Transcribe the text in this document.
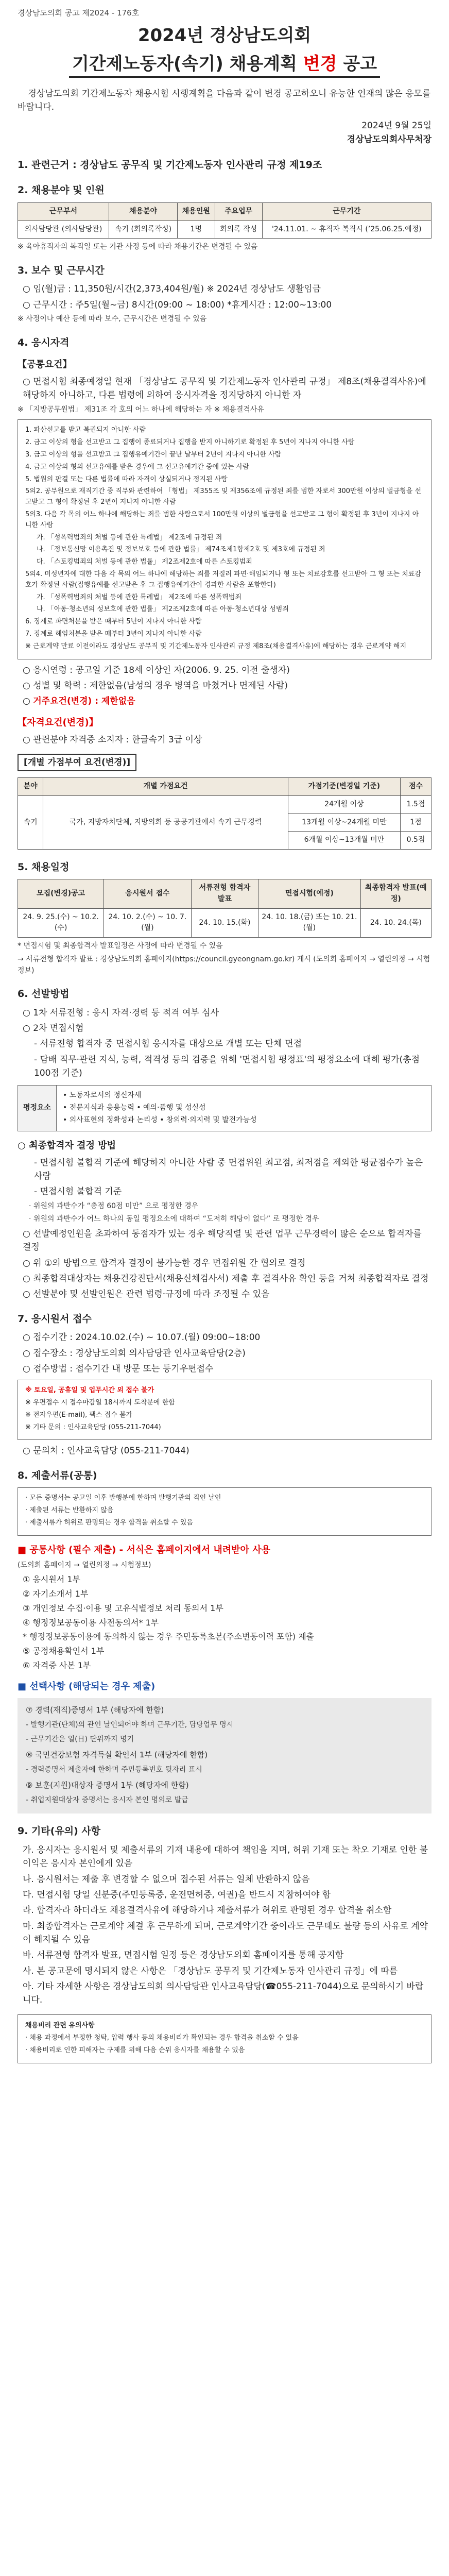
경상남도의회 공고 제2024 - 176호
2024년 경상남도의회
기간제노동자(속기) 채용계획 변경 공고

경상남도의회 기간제노동자 채용시험 시행계획을 다음과 같이 변경 공고하오니 유능한 인재의 많은 응모를 바랍니다.

2024년 9월 25일

경상남도의회사무처장

1. 관련근거 : 경상남도 공무직 및 기간제노동자 인사관리 규정 제19조
2. 채용분야 및 인원
근무부서	채용분야	채용인원	주요업무	근무기간
의사담당관 (의사담당관)	속기 (회의록작성)	1명	회의록 작성	'24.11.01. ~ 휴직자 복직시 (’25.06.25.예정)

※ 육아휴직자의 복직일 또는 기관 사정 등에 따라 채용기간은 변경될 수 있음

3. 보수 및 근무시간

○ 임(월)금 : 11,350원/시간(2,373,404원/월) ※ 2024년 경상남도 생활임금

○ 근무시간 : 주5일(월~금) 8시간(09:00 ~ 18:00) *휴게시간 : 12:00~13:00

※ 사정이나 예산 등에 따라 보수, 근무시간은 변경될 수 있음

4. 응시자격
【공통요건】

○ 면접시험 최종예정일 현재 「경상남도 공무직 및 기간제노동자 인사관리 규정」 제8조(채용결격사유)에 해당하지 아니하고, 다른 법령에 의하여 응시자격을 정지당하지 아니한 자

※ 「지방공무원법」 제31조 각 호의 어느 하나에 해당하는 자 ※ 채용결격사유

1. 파산선고를 받고 복권되지 아니한 사람

2. 금고 이상의 형을 선고받고 그 집행이 종료되거나 집행을 받지 아니하기로 확정된 후 5년이 지나지 아니한 사람

3. 금고 이상의 형을 선고받고 그 집행유예기간이 끝난 날부터 2년이 지나지 아니한 사람

4. 금고 이상의 형의 선고유예를 받은 경우에 그 선고유예기간 중에 있는 사람

5. 법원의 판결 또는 다른 법률에 따라 자격이 상실되거나 정지된 사람

5의2. 공무원으로 재직기간 중 직무와 관련하여 「형법」 제355조 및 제356조에 규정된 죄를 범한 자로서 300만원 이상의 벌금형을 선고받고 그 형이 확정된 후 2년이 지나지 아니한 사람

5의3. 다음 각 목의 어느 하나에 해당하는 죄를 범한 사람으로서 100만원 이상의 벌금형을 선고받고 그 형이 확정된 후 3년이 지나지 아니한 사람

가. 「성폭력범죄의 처벌 등에 관한 특례법」 제2조에 규정된 죄

나. 「정보통신망 이용촉진 및 정보보호 등에 관한 법률」 제74조제1항제2호 및 제3호에 규정된 죄

다. 「스토킹범죄의 처벌 등에 관한 법률」 제2조제2호에 따른 스토킹범죄

5의4. 미성년자에 대한 다음 각 목의 어느 하나에 해당하는 죄를 저질러 파면·해임되거나 형 또는 치료감호를 선고받아 그 형 또는 치료감호가 확정된 사람(집행유예를 선고받은 후 그 집행유예기간이 경과한 사람을 포함한다)

가. 「성폭력범죄의 처벌 등에 관한 특례법」 제2조에 따른 성폭력범죄

나. 「아동·청소년의 성보호에 관한 법률」 제2조제2호에 따른 아동·청소년대상 성범죄

6. 징계로 파면처분을 받은 때부터 5년이 지나지 아니한 사람

7. 징계로 해임처분을 받은 때부터 3년이 지나지 아니한 사람

※ 근로계약 만료 이전이라도 경상남도 공무직 및 기간제노동자 인사관리 규정 제8조(채용결격사유)에 해당하는 경우 근로계약 해지

○ 응시연령 : 공고일 기준 18세 이상인 자(2006. 9. 25. 이전 출생자)

○ 성별 및 학력 : 제한없음(남성의 경우 병역을 마쳤거나 면제된 사람)

○ 거주요건(변경) : 제한없음

【자격요건(변경)】

○ 관련분야 자격증 소지자 : 한글속기 3급 이상

[개별 가점부여 요건(변경)]
분야	개별 가점요건	가점기준(변경일 기준)	점수
속기	국가, 지방자치단체, 지방의회 등 공공기관에서 속기 근무경력	24개월 이상	1.5점
		13개월 이상~24개월 미만	1점
		6개월 이상~13개월 미만	0.5점
5. 채용일정
모집(변경)공고	응시원서 접수	서류전형 합격자 발표	면접시험(예정)	최종합격자 발표(예정)
24. 9. 25.(수) ~ 10.2.(수)	24. 10. 2.(수) ~ 10. 7.(월)	24. 10. 15.(화)	24. 10. 18.(금) 또는 10. 21.(월)	24. 10. 24.(목)

* 면접시험 및 최종합격자 발표일정은 사정에 따라 변경될 수 있음

→ 서류전형 합격자 발표 : 경상남도의회 홈페이지(https://council.gyeongnam.go.kr) 게시 (도의회 홈페이지 → 열린의정 → 시험정보)

6. 선발방법

○ 1차 서류전형 : 응시 자격·경력 등 적격 여부 심사

○ 2차 면접시험

- 서류전형 합격자 중 면접시험 응시자를 대상으로 개별 또는 단체 면접

- 담배 직무·관련 지식, 능력, 적격성 등의 검증을 위해 '면접시험 평정표'의 평정요소에 대해 평가(총점 100점 기준)

평정요소
• 노동자로서의 정신자세
• 전문지식과 응용능력 • 예의·품행 및 성실성
• 의사표현의 정확성과 논리성 • 창의력·의지력 및 발전가능성
○ 최종합격자 결정 방법

- 면접시험 불합격 기준에 해당하지 아니한 사람 중 면접위원 최고점, 최저점을 제외한 평균점수가 높은 사람

- 면접시험 불합격 기준

· 위원의 과반수가 “총점 60점 미만” 으로 평정한 경우

· 위원의 과반수가 어느 하나의 동일 평정요소에 대하여 “도저히 해당이 없다” 로 평정한 경우

○ 선발예정인원을 초과하여 동점자가 있는 경우 해당직렬 및 관련 업무 근무경력이 많은 순으로 합격자를 결정

○ 위 ①의 방법으로 합격자 결정이 불가능한 경우 면접위원 간 협의로 결정

○ 최종합격대상자는 채용건강진단서(채용신체검사서) 제출 후 결격사유 확인 등을 거쳐 최종합격자로 결정

○ 선발분야 및 선발인원은 관련 법령·규정에 따라 조정될 수 있음

7. 응시원서 접수

○ 접수기간 : 2024.10.02.(수) ~ 10.07.(월) 09:00~18:00

○ 접수장소 : 경상남도의회 의사담당관 인사교육담당(2층)

○ 접수방법 : 접수기간 내 방문 또는 등기우편접수

※ 토요일, 공휴일 및 업무시간 외 접수 불가

※ 우편접수 시 접수마감일 18시까지 도착분에 한함

※ 전자우편(E-mail), 팩스 접수 불가

※ 기타 문의 : 인사교육담당 (055-211-7044)

○ 문의처 : 인사교육담당 (055-211-7044)

8. 제출서류(공통)

· 모든 증명서는 공고일 이후 발행분에 한하며 발행기관의 직인 날인

· 제출된 서류는 반환하지 않음

· 제출서류가 허위로 판명되는 경우 합격을 취소할 수 있음

■ 공통사항 (필수 제출) - 서식은 홈페이지에서 내려받아 사용

(도의회 홈페이지 → 열린의정 → 시험정보)

① 응시원서 1부

② 자기소개서 1부

③ 개인정보 수집·이용 및 고유식별정보 처리 동의서 1부

④ 행정정보공동이용 사전동의서* 1부

* 행정정보공동이용에 동의하지 않는 경우 주민등록초본(주소변동이력 포함) 제출

⑤ 공정채용확인서 1부

⑥ 자격증 사본 1부

■ 선택사항 (해당되는 경우 제출)
⑦ 경력(재직)증명서 1부 (해당자에 한함)
- 발행기관(단체)의 관인 날인되어야 하며 근무기간, 담당업무 명시
- 근무기간은 일(日) 단위까지 명기
⑧ 국민건강보험 자격득실 확인서 1부 (해당자에 한함)
- 경력증명서 제출자에 한하며 주민등록번호 뒷자리 표시
⑨ 보훈(지원)대상자 증명서 1부 (해당자에 한함)
- 취업지원대상자 증명서는 응시자 본인 명의로 발급
9. 기타(유의) 사항

가. 응시자는 응시원서 및 제출서류의 기재 내용에 대하여 책임을 지며, 허위 기재 또는 착오 기재로 인한 불이익은 응시자 본인에게 있음

나. 응시원서는 제출 후 변경할 수 없으며 접수된 서류는 일체 반환하지 않음

다. 면접시험 당일 신분증(주민등록증, 운전면허증, 여권)을 반드시 지참하여야 함

라. 합격자라 하더라도 채용결격사유에 해당하거나 제출서류가 허위로 판명된 경우 합격을 취소함

마. 최종합격자는 근로계약 체결 후 근무하게 되며, 근로계약기간 중이라도 근무태도 불량 등의 사유로 계약이 해지될 수 있음

바. 서류전형 합격자 발표, 면접시험 일정 등은 경상남도의회 홈페이지를 통해 공지함

사. 본 공고문에 명시되지 않은 사항은 「경상남도 공무직 및 기간제노동자 인사관리 규정」에 따름

아. 기타 자세한 사항은 경상남도의회 의사담당관 인사교육담당(☎055-211-7044)으로 문의하시기 바랍니다.

채용비리 관련 유의사항

· 채용 과정에서 부정한 청탁, 압력 행사 등의 채용비리가 확인되는 경우 합격을 취소할 수 있음

· 채용비리로 인한 피해자는 구제를 위해 다음 순위 응시자를 채용할 수 있음
